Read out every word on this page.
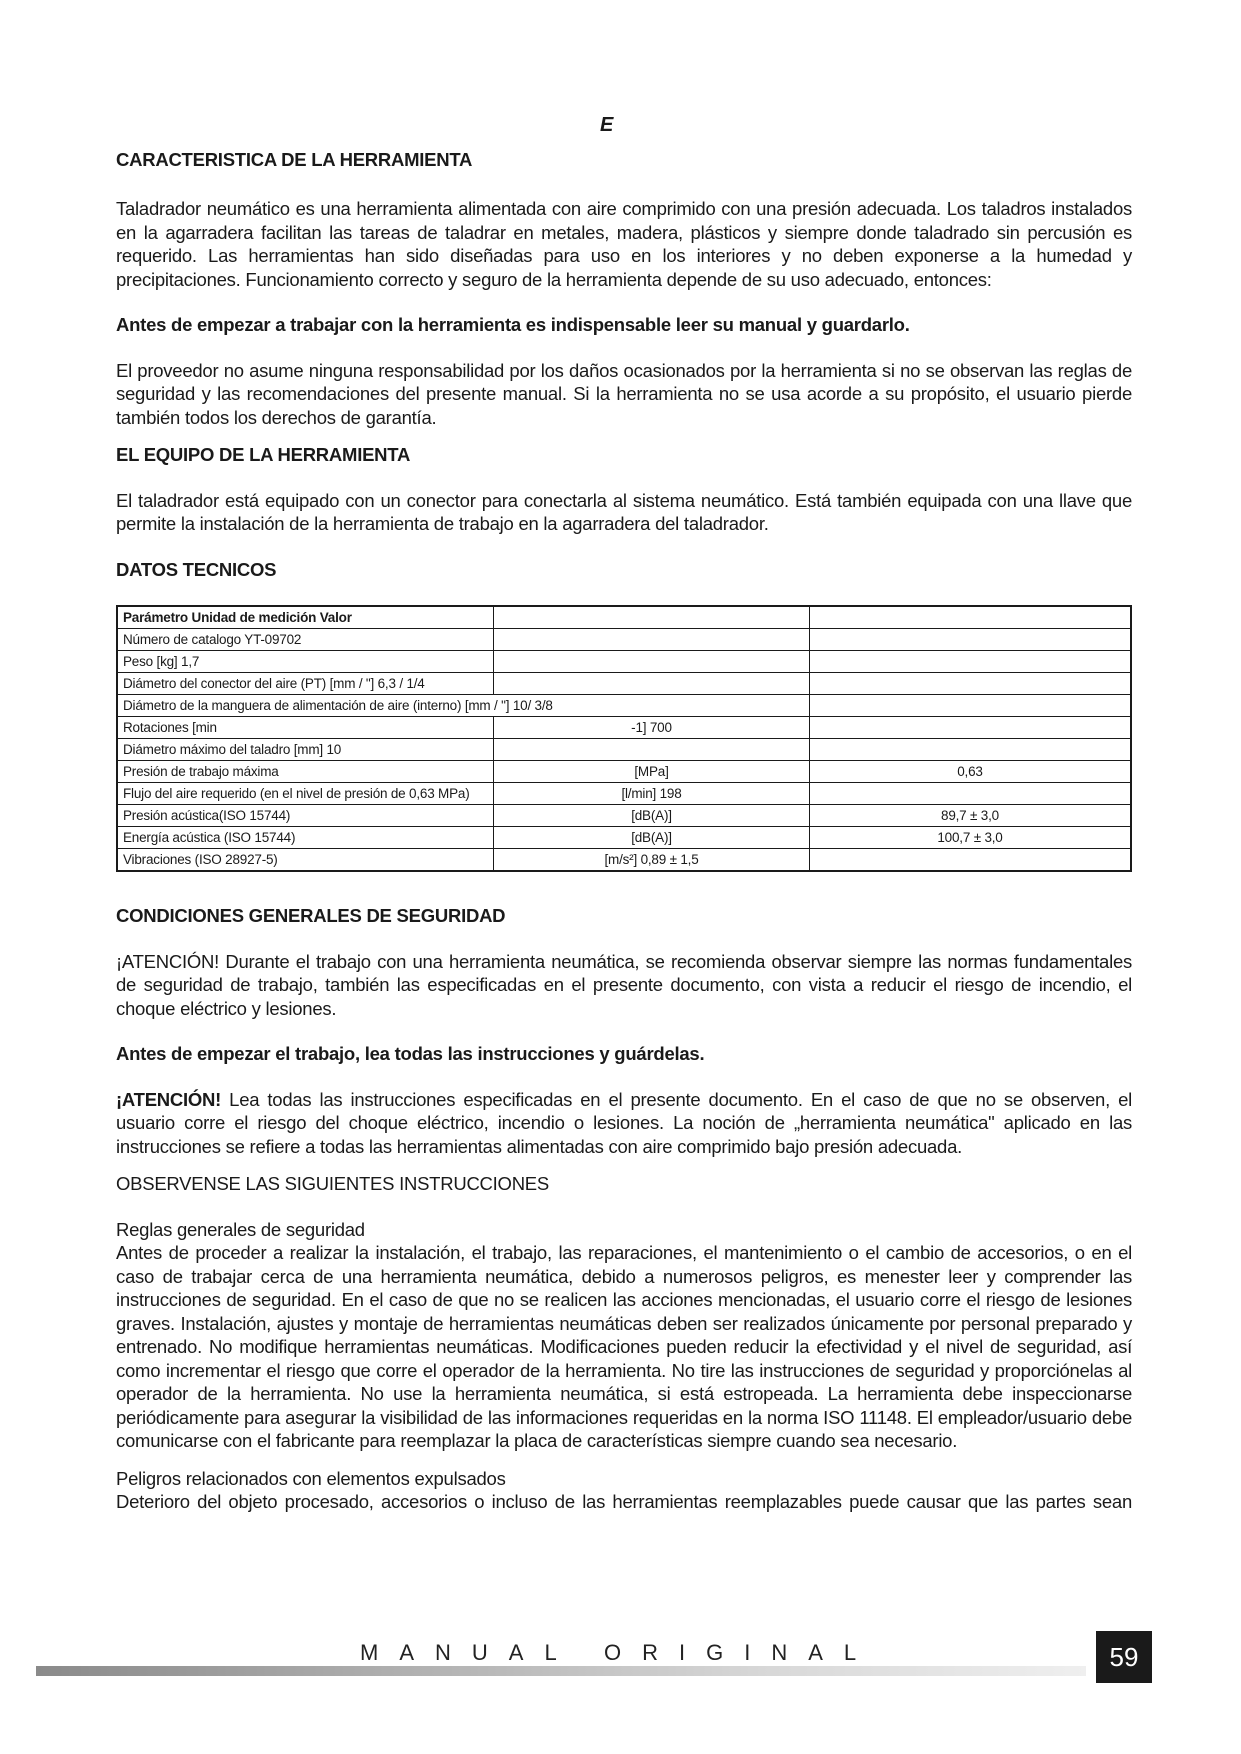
E
CARACTERISTICA DE LA HERRAMIENTA

Taladrador neumático es una herramienta alimentada con aire comprimido con una presión adecuada. Los taladros instalados en la agarradera facilitan las tareas de taladrar en metales, madera, plásticos y siempre donde taladrado sin percusión es requerido. Las herramientas han sido diseñadas para uso en los interiores y no deben exponerse a la humedad y precipitaciones. Funcionamiento correcto y seguro de la herramienta depende de su uso adecuado, entonces:

Antes de empezar a trabajar con la herramienta es indispensable leer su manual y guardarlo.

El proveedor no asume ninguna responsabilidad por los daños ocasionados por la herramienta si no se observan las reglas de seguridad y las recomendaciones del presente manual. Si la herramienta no se usa acorde a su propósito, el usuario pierde también todos los derechos de garantía.

EL EQUIPO DE LA HERRAMIENTA

El taladrador está equipado con un conector para conectarla al sistema neumático. Está también equipada con una llave que permite la instalación de la herramienta de trabajo en la agarradera del taladrador.

DATOS TECNICOS
Parámetro Unidad de medición Valor		
Número de catalogo YT-09702		
Peso [kg] 1,7		
Diámetro del conector del aire (PT) [mm / "] 6,3 / 1/4		
Diámetro de la manguera de alimentación de aire (interno) [mm / "] 10/ 3/8		
Rotaciones [min	-1] 700	
Diámetro máximo del taladro [mm] 10		
Presión de trabajo máxima	[MPa]	0,63
Flujo del aire requerido (en el nivel de presión de 0,63 MPa)	[l/min] 198	
Presión acústica(ISO 15744)	[dB(A)]	89,7 ± 3,0
Energía acústica (ISO 15744)	[dB(A)]	100,7 ± 3,0
Vibraciones (ISO 28927-5)	[m/s²] 0,89 ± 1,5	
CONDICIONES GENERALES DE SEGURIDAD

¡ATENCIÓN! Durante el trabajo con una herramienta neumática, se recomienda observar siempre las normas fundamentales de seguridad de trabajo, también las especificadas en el presente documento, con vista a reducir el riesgo de incendio, el choque eléctrico y lesiones.

Antes de empezar el trabajo, lea todas las instrucciones y guárdelas.

¡ATENCIÓN! Lea todas las instrucciones especificadas en el presente documento. En el caso de que no se observen, el usuario corre el riesgo del choque eléctrico, incendio o lesiones. La noción de „herramienta neumática" aplicado en las instrucciones se refiere a todas las herramientas alimentadas con aire comprimido bajo presión adecuada.

OBSERVENSE LAS SIGUIENTES INSTRUCCIONES

Reglas generales de seguridad

Antes de proceder a realizar la instalación, el trabajo, las reparaciones, el mantenimiento o el cambio de accesorios, o en el caso de trabajar cerca de una herramienta neumática, debido a numerosos peligros, es menester leer y comprender las instrucciones de seguridad. En el caso de que no se realicen las acciones mencionadas, el usuario corre el riesgo de lesiones graves. Instalación, ajustes y montaje de herramientas neumáticas deben ser realizados únicamente por personal preparado y entrenado. No modifique herramientas neumáticas. Modificaciones pueden reducir la efectividad y el nivel de seguridad, así como incrementar el riesgo que corre el operador de la herramienta. No tire las instrucciones de seguridad y proporciónelas al operador de la herramienta. No use la herramienta neumática, si está estropeada. La herramienta debe inspeccionarse periódicamente para asegurar la visibilidad de las informaciones requeridas en la norma ISO 11148. El empleador/usuario debe comunicarse con el fabricante para reemplazar la placa de características siempre cuando sea necesario.

Peligros relacionados con elementos expulsados

Deterioro del objeto procesado, accesorios o incluso de las herramientas reemplazables puede causar que las partes sean

MANUAL ORIGINAL	59
